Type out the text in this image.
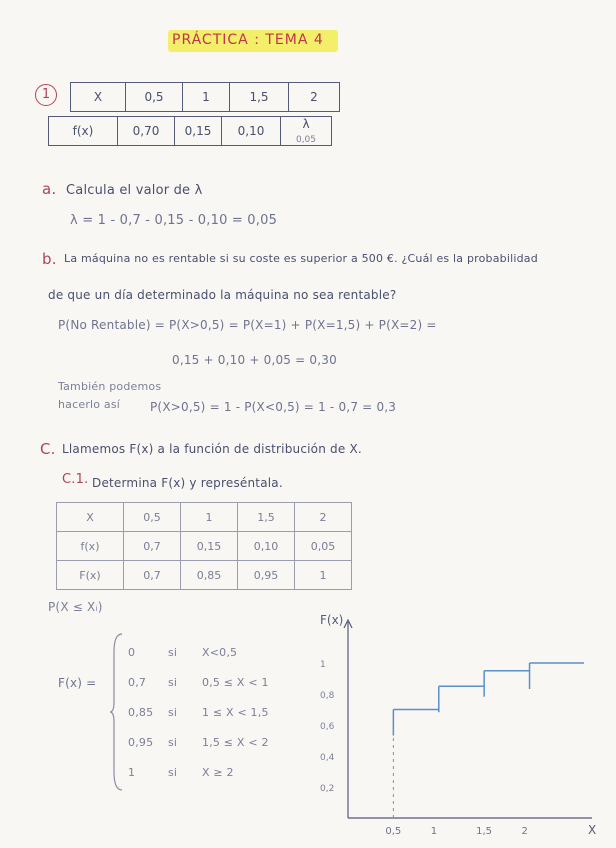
PRÁCTICA : TEMA 4
1	X	0,5	1	1,5	2
f(x)	0,70	0,15	0,10	λ
0,05
a. Calcula el valor de λ
λ = 1 - 0,7 - 0,15 - 0,10 = 0,05
b. La máquina no es rentable si su coste es superior a 500 €. ¿Cuál es la probabilidad
de que un día determinado la máquina no sea rentable?
P(No Rentable) = P(X>0,5) = P(X=1) + P(X=1,5) + P(X=2) =
0,15 + 0,10 + 0,05 = 0,30
También podemos
hacerlo así P(X>0,5) = 1 - P(X<0,5) = 1 - 0,7 = 0,3
C. Llamemos F(x) a la función de distribución de X.
C.1. Determina F(x) y represéntala.
X	0,5	1	1,5	2
f(x)	0,7	0,15	0,10	0,05
F(x)	0,7	0,85	0,95	1
P(X ≤ Xᵢ)
F(x) =
0	si X<0,5
0,7 si 0,5 ≤ X < 1
0,85 si 1 ≤ X < 1,5
0,95 si 1,5 ≤ X < 2
1	si X ≥ 2
F(x)
X
0,5	1	1,5	2
0,2
0,4
0,6
0,8
1
